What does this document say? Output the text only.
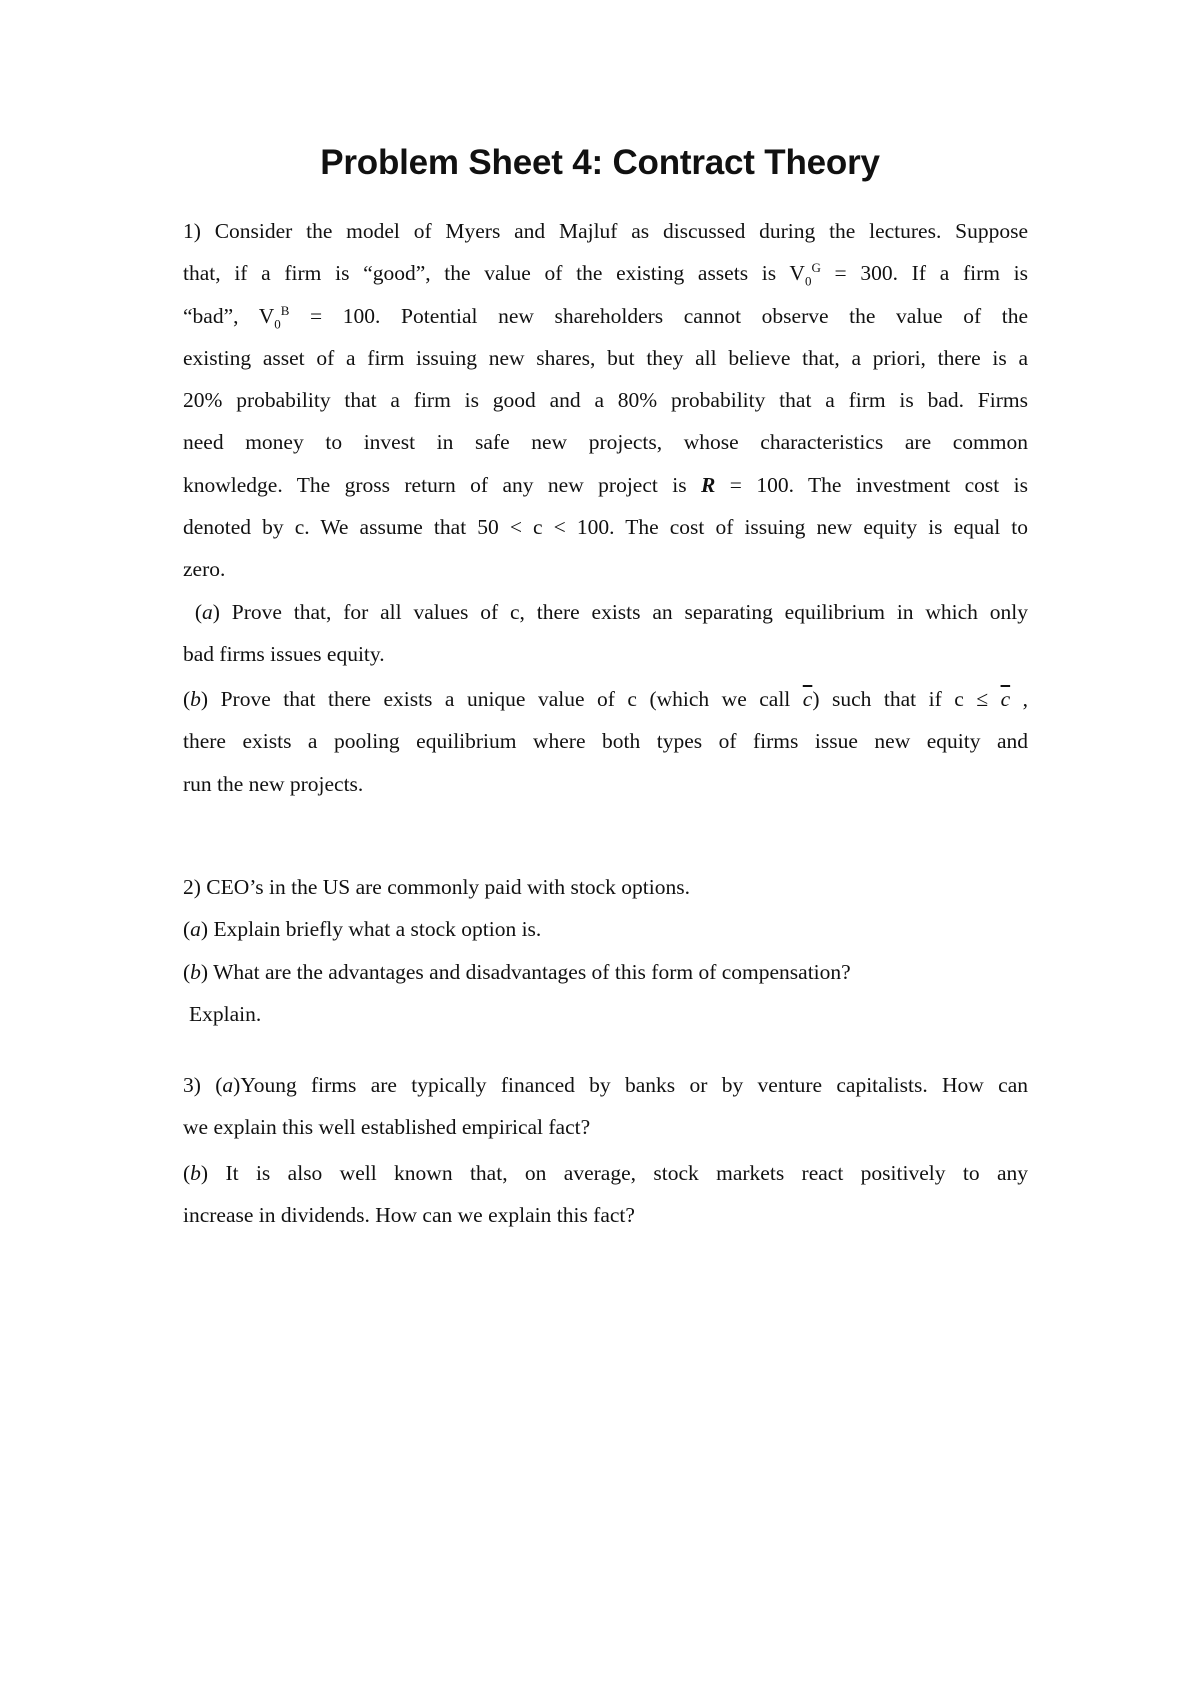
Problem Sheet 4: Contract Theory
1) Consider the model of Myers and Majluf as discussed during the lectures. Suppose
that, if a firm is “good”, the value of the existing assets is $V_0^G = 300$. If a firm is
“bad”, $V_0^B = 100$. Potential new shareholders cannot observe the value of the
existing asset of a firm issuing new shares, but they all believe that, a priori, there is a
20% probability that a firm is good and a 80% probability that a firm is bad. Firms
need money to invest in safe new projects, whose characteristics are common
knowledge. The gross return of any new project is R = 100. The investment cost is
denoted by c. We assume that 50 < c < 100. The cost of issuing new equity is equal to
zero.
(a) Prove that, for all values of c, there exists an separating equilibrium in which only
bad firms issues equity.
(b) Prove that there exists a unique value of c (which we call $\overline{c}$) such that if $c \le \overline{c}$ ,
there exists a pooling equilibrium where both types of firms issue new equity and
run the new projects.
2) CEO’s in the US are commonly paid with stock options.
(a) Explain briefly what a stock option is.
(b) What are the advantages and disadvantages of this form of compensation?
Explain.
3) (a)Young firms are typically financed by banks or by venture capitalists. How can
we explain this well established empirical fact?
(b) It is also well known that, on average, stock markets react positively to any
increase in dividends. How can we explain this fact?
